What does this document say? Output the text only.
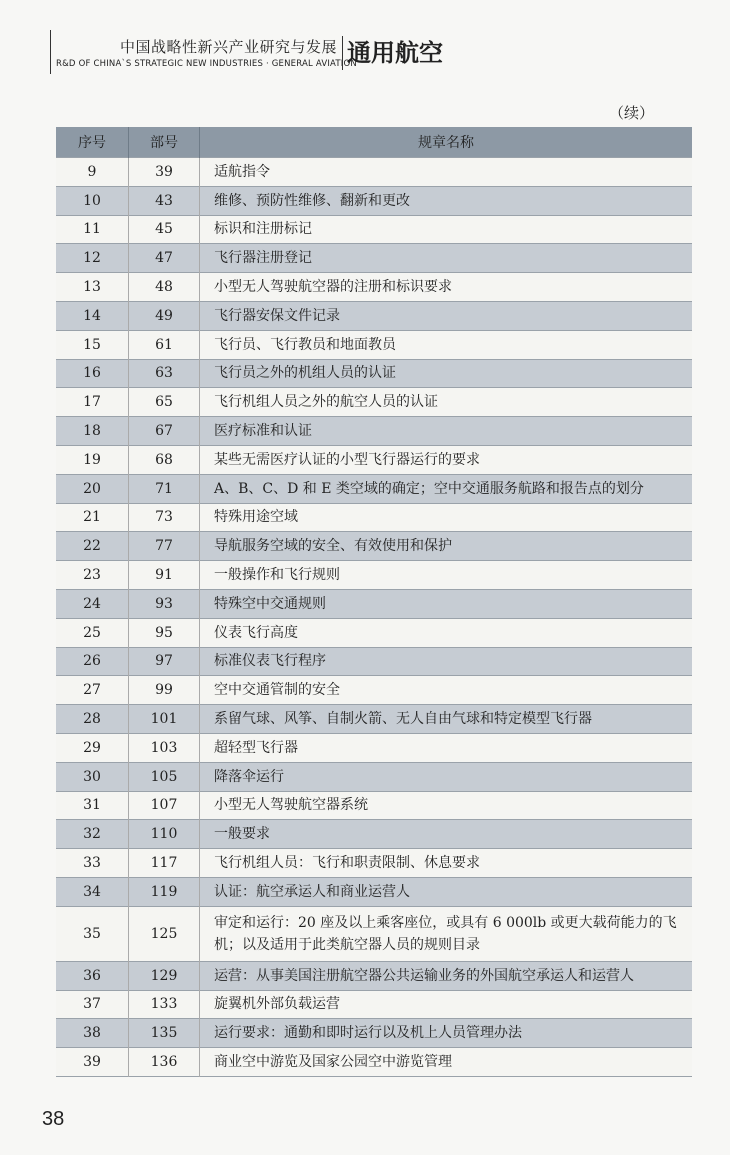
中国战略性新兴产业研究与发展
R&D OF CHINA`S STRATEGIC NEW INDUSTRIES · GENERAL AVIATION
通用航空
（续）
序号	部号	规章名称
9	39	适航指令
10	43	维修、预防性维修、翻新和更改
11	45	标识和注册标记
12	47	飞行器注册登记
13	48	小型无人驾驶航空器的注册和标识要求
14	49	飞行器安保文件记录
15	61	飞行员、飞行教员和地面教员
16	63	飞行员之外的机组人员的认证
17	65	飞行机组人员之外的航空人员的认证
18	67	医疗标准和认证
19	68	某些无需医疗认证的小型飞行器运行的要求
20	71	A、B、C、D 和 E 类空域的确定；空中交通服务航路和报告点的划分
21	73	特殊用途空域
22	77	导航服务空域的安全、有效使用和保护
23	91	一般操作和飞行规则
24	93	特殊空中交通规则
25	95	仪表飞行高度
26	97	标准仪表飞行程序
27	99	空中交通管制的安全
28	101	系留气球、风筝、自制火箭、无人自由气球和特定模型飞行器
29	103	超轻型飞行器
30	105	降落伞运行
31	107	小型无人驾驶航空器系统
32	110	一般要求
33	117	飞行机组人员：飞行和职责限制、休息要求
34	119	认证：航空承运人和商业运营人
35	125	审定和运行：20 座及以上乘客座位，或具有 6 000lb 或更大载荷能力的飞机；以及适用于此类航空器人员的规则目录
36	129	运营：从事美国注册航空器公共运输业务的外国航空承运人和运营人
37	133	旋翼机外部负载运营
38	135	运行要求：通勤和即时运行以及机上人员管理办法
39	136	商业空中游览及国家公园空中游览管理
38
